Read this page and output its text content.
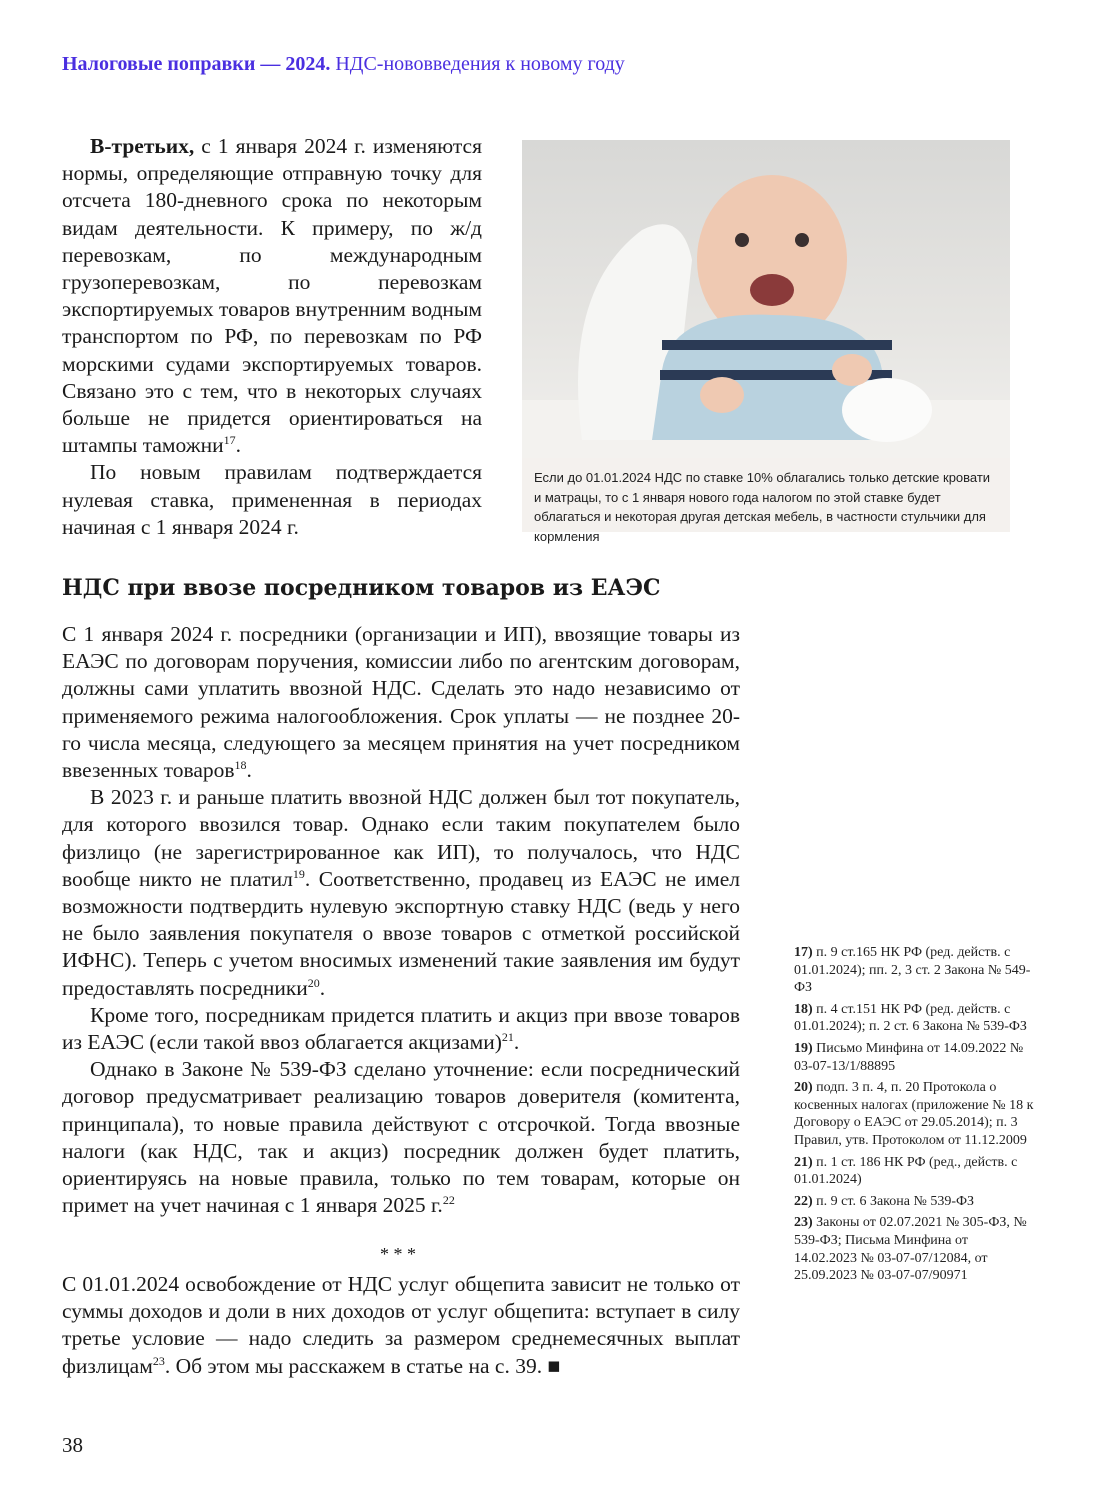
Налоговые поправки — 2024. НДС-нововведения к новому году

В-третьих, с 1 января 2024 г. изменяются нормы, определяющие отправную точку для отсчета 180-дневного срока по некоторым видам деятельности. К примеру, по ж/д перевозкам, по международным грузоперевозкам, по перевозкам экспортируемых товаров внутренним водным транспортом по РФ, по перевозкам по РФ морскими судами экспортируемых товаров. Связано это с тем, что в некоторых случаях больше не придется ориентироваться на штампы таможни$^{17}$.

По новым правилам подтверждается нулевая ставка, примененная в периодах начиная с 1 января 2024 г.

Если до 01.01.2024 НДС по ставке 10% облагались только детские кровати и матрацы, то с 1 января нового года налогом по этой ставке будет облагаться и некоторая другая детская мебель, в частности стульчики для кормления
НДС при ввозе посредником товаров из ЕАЭС

С 1 января 2024 г. посредники (организации и ИП), ввозящие товары из ЕАЭС по договорам поручения, комиссии либо по агентским договорам, должны сами уплатить ввозной НДС. Сделать это надо независимо от применяемого режима налогообложения. Срок уплаты — не позднее 20-го числа месяца, следующего за месяцем принятия на учет посредником ввезенных товаров$^{18}$.

В 2023 г. и раньше платить ввозной НДС должен был тот покупатель, для которого ввозился товар. Однако если таким покупателем было физлицо (не зарегистрированное как ИП), то получалось, что НДС вообще никто не платил$^{19}$. Соответственно, продавец из ЕАЭС не имел возможности подтвердить нулевую экспортную ставку НДС (ведь у него не было заявления покупателя о ввозе товаров с отметкой российской ИФНС). Теперь с учетом вносимых изменений такие заявления им будут предоставлять посредники$^{20}$.

Кроме того, посредникам придется платить и акциз при ввозе товаров из ЕАЭС (если такой ввоз облагается акцизами)$^{21}$.

Однако в Законе № 539-ФЗ сделано уточнение: если посреднический договор предусматривает реализацию товаров доверителя (комитента, принципала), то новые правила действуют с отсрочкой. Тогда ввозные налоги (как НДС, так и акциз) посредник должен будет платить, ориентируясь на новые правила, только по тем товарам, которые он примет на учет начиная с 1 января 2025 г.$^{22}$

* * *

С 01.01.2024 освобождение от НДС услуг общепита зависит не только от суммы доходов и доли в них доходов от услуг общепита: вступает в силу третье условие — надо следить за размером среднемесячных выплат физлицам$^{23}$. Об этом мы расскажем в статье на с. 39. ■

17) п. 9 ст.165 НК РФ (ред. действ. с 01.01.2024); пп. 2, 3 ст. 2 Закона № 549-ФЗ
18) п. 4 ст.151 НК РФ (ред. действ. с 01.01.2024); п. 2 ст. 6 Закона № 539-ФЗ
19) Письмо Минфина от 14.09.2022 № 03-07-13/1/88895
20) подп. 3 п. 4, п. 20 Протокола о косвенных налогах (приложение № 18 к Договору о ЕАЭС от 29.05.2014); п. 3 Правил, утв. Протоколом от 11.12.2009
21) п. 1 ст. 186 НК РФ (ред., действ. с 01.01.2024)
22) п. 9 ст. 6 Закона № 539-ФЗ
23) Законы от 02.07.2021 № 305-ФЗ, № 539-ФЗ; Письма Минфина от 14.02.2023 № 03-07-07/12084, от 25.09.2023 № 03-07-07/90971
38
